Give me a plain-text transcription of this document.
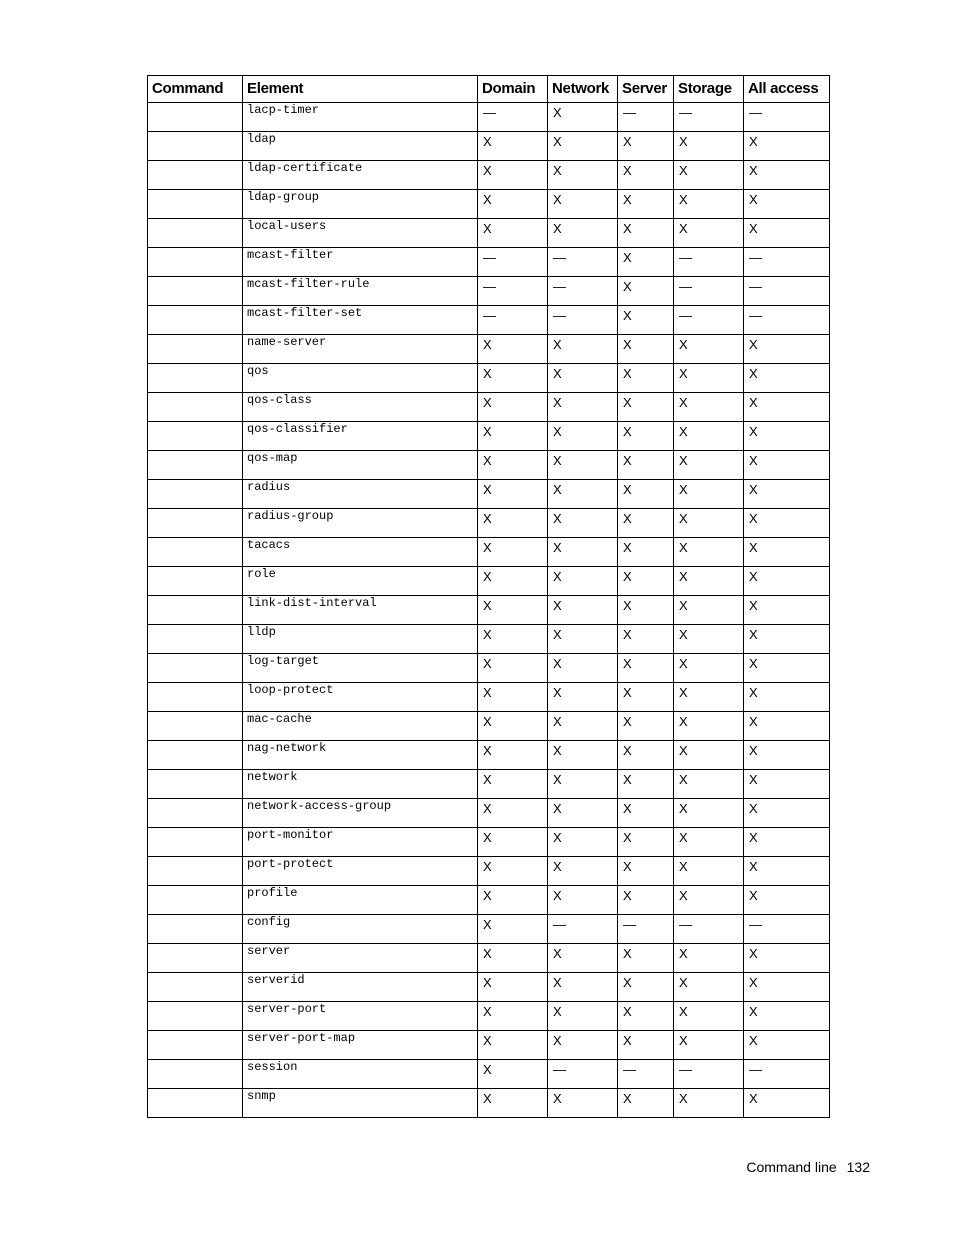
Command	Element	Domain	Network	Server	Storage	All access
	lacp-timer	—	X	—	—	—
	ldap	X	X	X	X	X
	ldap-certificate	X	X	X	X	X
	ldap-group	X	X	X	X	X
	local-users	X	X	X	X	X
	mcast-filter	—	—	X	—	—
	mcast-filter-rule	—	—	X	—	—
	mcast-filter-set	—	—	X	—	—
	name-server	X	X	X	X	X
	qos	X	X	X	X	X
	qos-class	X	X	X	X	X
	qos-classifier	X	X	X	X	X
	qos-map	X	X	X	X	X
	radius	X	X	X	X	X
	radius-group	X	X	X	X	X
	tacacs	X	X	X	X	X
	role	X	X	X	X	X
	link-dist-interval	X	X	X	X	X
	lldp	X	X	X	X	X
	log-target	X	X	X	X	X
	loop-protect	X	X	X	X	X
	mac-cache	X	X	X	X	X
	nag-network	X	X	X	X	X
	network	X	X	X	X	X
	network-access-group	X	X	X	X	X
	port-monitor	X	X	X	X	X
	port-protect	X	X	X	X	X
	profile	X	X	X	X	X
	config	X	—	—	—	—
	server	X	X	X	X	X
	serverid	X	X	X	X	X
	server-port	X	X	X	X	X
	server-port-map	X	X	X	X	X
	session	X	—	—	—	—
	snmp	X	X	X	X	X
Command line 132
